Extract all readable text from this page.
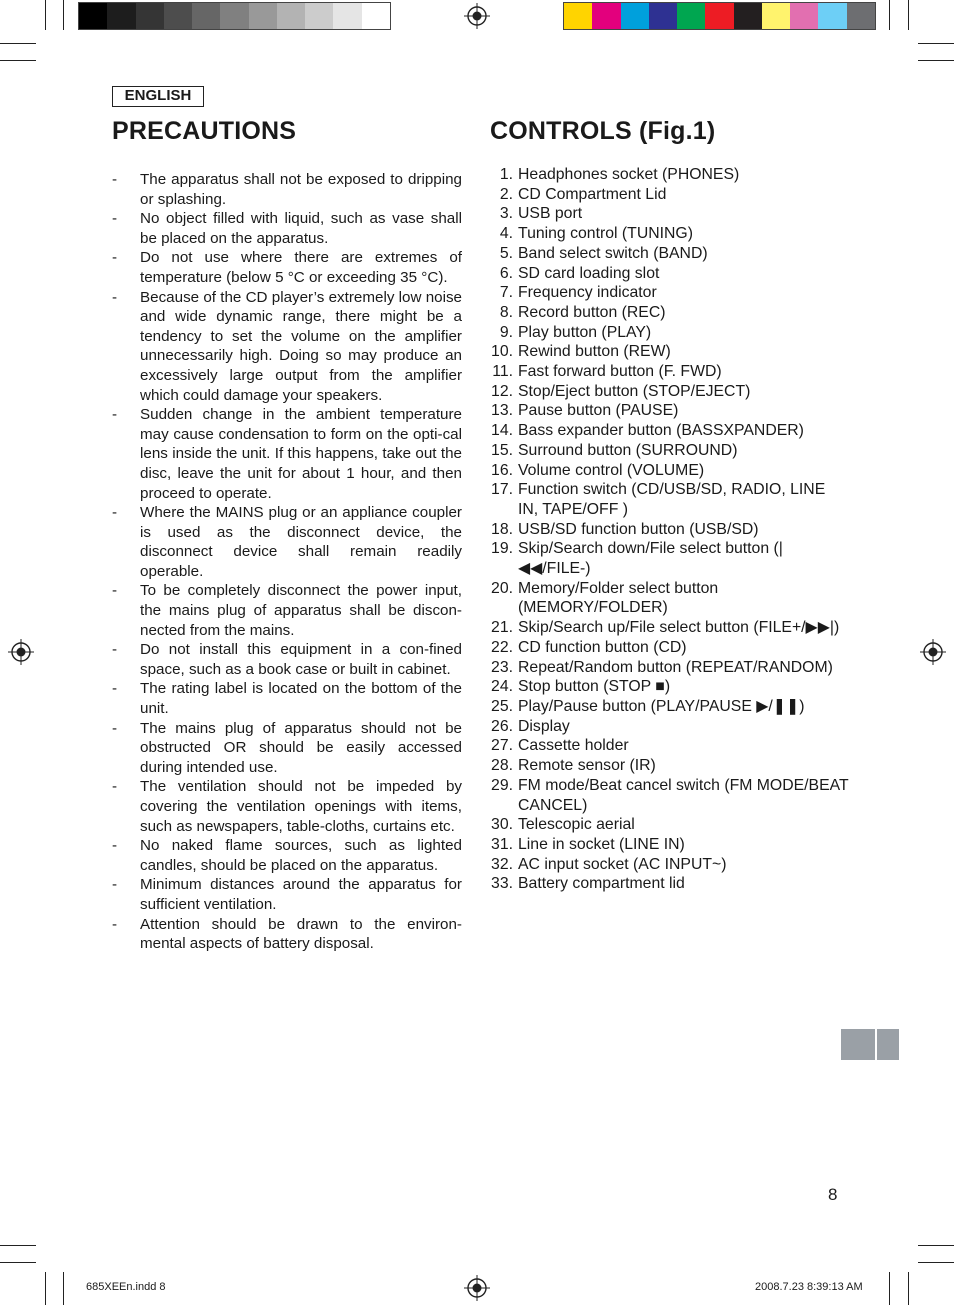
ENGLISH
PRECAUTIONS	CONTROLS (Fig.1)
- The apparatus shall not be exposed to dripping or splashing.
- No object filled with liquid, such as vase shall be placed on the apparatus.
- Do not use where there are extremes of temperature (below 5 °C or exceeding 35 °C).
- Because of the CD player’s extremely low noise and wide dynamic range, there might be a tendency to set the volume on the amplifier unnecessarily high. Doing so may produce an excessively large output from the amplifier which could damage your speakers.
- Sudden change in the ambient temperature may cause condensation to form on the opti-cal lens inside the unit. If this happens, take out the disc, leave the unit for about 1 hour, and then proceed to operate.
- Where the MAINS plug or an appliance coupler is used as the disconnect device, the disconnect device shall remain readily operable.
- To be completely disconnect the power input, the mains plug of apparatus shall be discon-nected from the mains.
- Do not install this equipment in a con-fined space, such as a book case or built in cabinet.
- The rating label is located on the bottom of the unit.
- The mains plug of apparatus should not be obstructed OR should be easily accessed during intended use.
- The ventilation should not be impeded by covering the ventilation openings with items, such as newspapers, table-cloths, curtains etc.
- No naked flame sources, such as lighted candles, should be placed on the apparatus.
- Minimum distances around the apparatus for sufficient ventilation.
- Attention should be drawn to the environ-mental aspects of battery disposal.
1. Headphones socket (PHONES)
2. CD Compartment Lid
3. USB port
4. Tuning control (TUNING)
5. Band select switch (BAND)
6. SD card loading slot
7. Frequency indicator
8. Record button (REC)
9. Play button (PLAY)
10. Rewind button (REW)
11. Fast forward button (F. FWD)
12. Stop/Eject button (STOP/EJECT)
13. Pause button (PAUSE)
14. Bass expander button (BASSXPANDER)
15. Surround button (SURROUND)
16. Volume control (VOLUME)
17. Function switch (CD/USB/SD, RADIO, LINE IN, TAPE/OFF )
18. USB/SD function button (USB/SD)
19. Skip/Search down/File select button (|◀◀/FILE-)
20. Memory/Folder select button (MEMORY/FOLDER)
21. Skip/Search up/File select button (FILE+/▶▶|)
22. CD function button (CD)
23. Repeat/Random button (REPEAT/RANDOM)
24. Stop button (STOP ■)
25. Play/Pause button (PLAY/PAUSE ▶/❚❚)
26. Display
27. Cassette holder
28. Remote sensor (IR)
29. FM mode/Beat cancel switch (FM MODE/BEAT CANCEL)
30. Telescopic aerial
31. Line in socket (LINE IN)
32. AC input socket (AC INPUT~)
33. Battery compartment lid
8
685XEEn.indd 8	2008.7.23 8:39:13 AM
